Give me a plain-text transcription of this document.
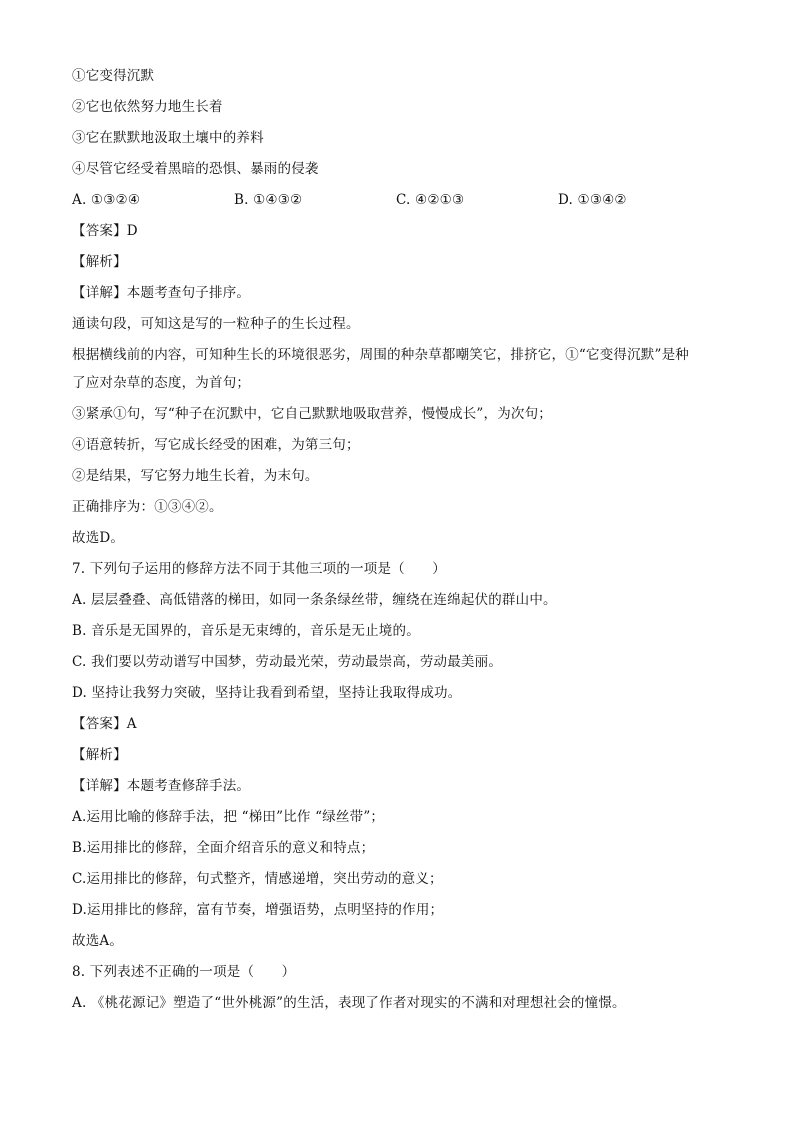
①它变得沉默
②它也依然努力地生长着
③它在默默地汲取土壤中的养料
④尽管它经受着黑暗的恐惧、暴雨的侵袭
A. ①③②④	B. ①④③②	C. ④②①③	D. ①③④②
【答案】D
【解析】
【详解】本题考查句子排序。
通读句段，可知这是写的一粒种子的生长过程。
根据横线前的内容，可知种生长的环境很恶劣，周围的种杂草都嘲笑它，排挤它，①“它变得沉默”是种
了应对杂草的态度，为首句；
③紧承①句，写“种子在沉默中，它自己默默地吸取营养，慢慢成长”，为次句；
④语意转折，写它成长经受的困难，为第三句；
②是结果，写它努力地生长着，为末句。
正确排序为：①③④②。
故选D。
7. 下列句子运用的修辞方法不同于其他三项的一项是（　　）
A. 层层叠叠、高低错落的梯田，如同一条条绿丝带，缠绕在连绵起伏的群山中。
B. 音乐是无国界的，音乐是无束缚的，音乐是无止境的。
C. 我们要以劳动谱写中国梦，劳动最光荣，劳动最崇高，劳动最美丽。
D. 坚持让我努力突破，坚持让我看到希望，坚持让我取得成功。
【答案】A
【解析】
【详解】本题考查修辞手法。
A.运用比喻的修辞手法，把 “梯田”比作 “绿丝带”；
B.运用排比的修辞，全面介绍音乐的意义和特点；
C.运用排比的修辞，句式整齐，情感递增，突出劳动的意义；
D.运用排比的修辞，富有节奏，增强语势，点明坚持的作用；
故选A。
8. 下列表述不正确的一项是（　　）
A. 《桃花源记》塑造了“世外桃源”的生活，表现了作者对现实的不满和对理想社会的憧憬。
